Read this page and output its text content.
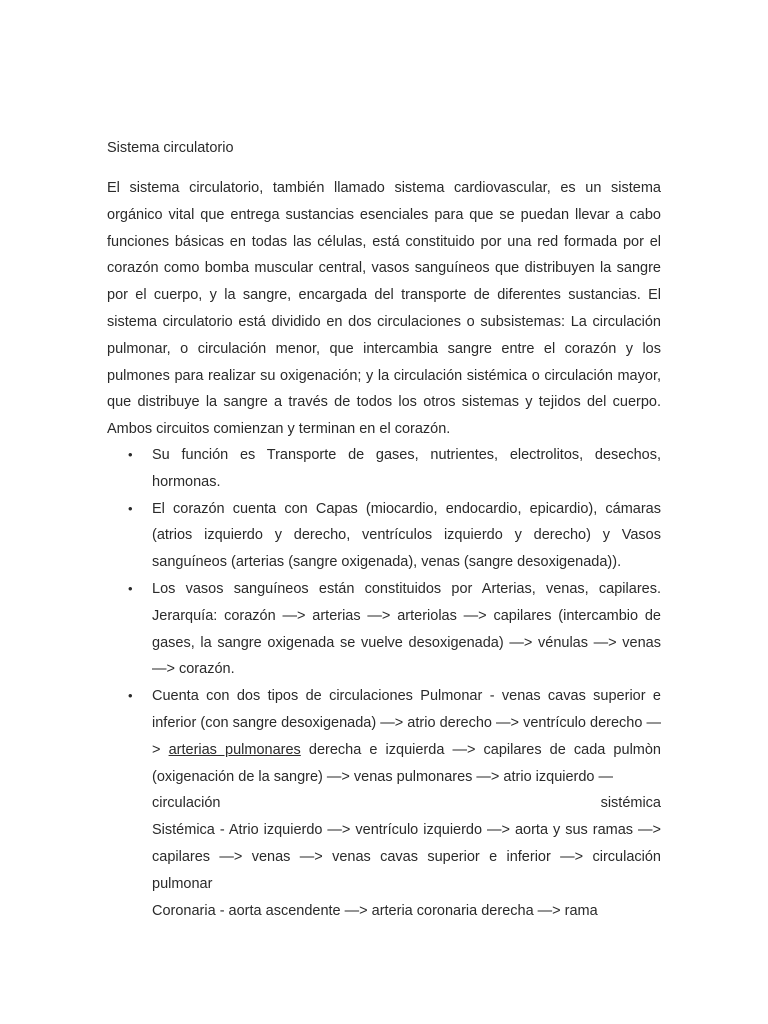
Sistema circulatorio

El sistema circulatorio, también llamado sistema cardiovascular, es un sistema orgánico vital que entrega sustancias esenciales para que se puedan llevar a cabo funciones básicas en todas las células, está constituido por una red formada por el corazón como bomba muscular central, vasos sanguíneos que distribuyen la sangre por el cuerpo, y la sangre, encargada del transporte de diferentes sustancias. El sistema circulatorio está dividido en dos circulaciones o subsistemas: La circulación pulmonar, o circulación menor, que intercambia sangre entre el corazón y los pulmones para realizar su oxigenación; y la circulación sistémica o circulación mayor, que distribuye la sangre a través de todos los otros sistemas y tejidos del cuerpo. Ambos circuitos comienzan y terminan en el corazón.

• Su función es Transporte de gases, nutrientes, electrolitos, desechos, hormonas.
• El corazón cuenta con Capas (miocardio, endocardio, epicardio), cámaras (atrios izquierdo y derecho, ventrículos izquierdo y derecho) y Vasos sanguíneos (arterias (sangre oxigenada), venas (sangre desoxigenada)).
• Los vasos sanguíneos están constituidos por Arterias, venas, capilares. Jerarquía: corazón —> arterias —> arteriolas —> capilares (intercambio de gases, la sangre oxigenada se vuelve desoxigenada) —> vénulas —> venas —> corazón.
• Cuenta con dos tipos de circulaciones Pulmonar - venas cavas superior e inferior (con sangre desoxigenada) —> atrio derecho —> ventrículo derecho —> arterias pulmonares derecha e izquierda —> capilares de cada pulmòn (oxigenación de la sangre) —> venas pulmonares —> atrio izquierdo —
circulación	sistémica
Sistémica - Atrio izquierdo —> ventrículo izquierdo —> aorta y sus ramas —> capilares —> venas —> venas cavas superior e inferior —> circulación pulmonar
Coronaria - aorta ascendente —> arteria coronaria derecha —> rama
